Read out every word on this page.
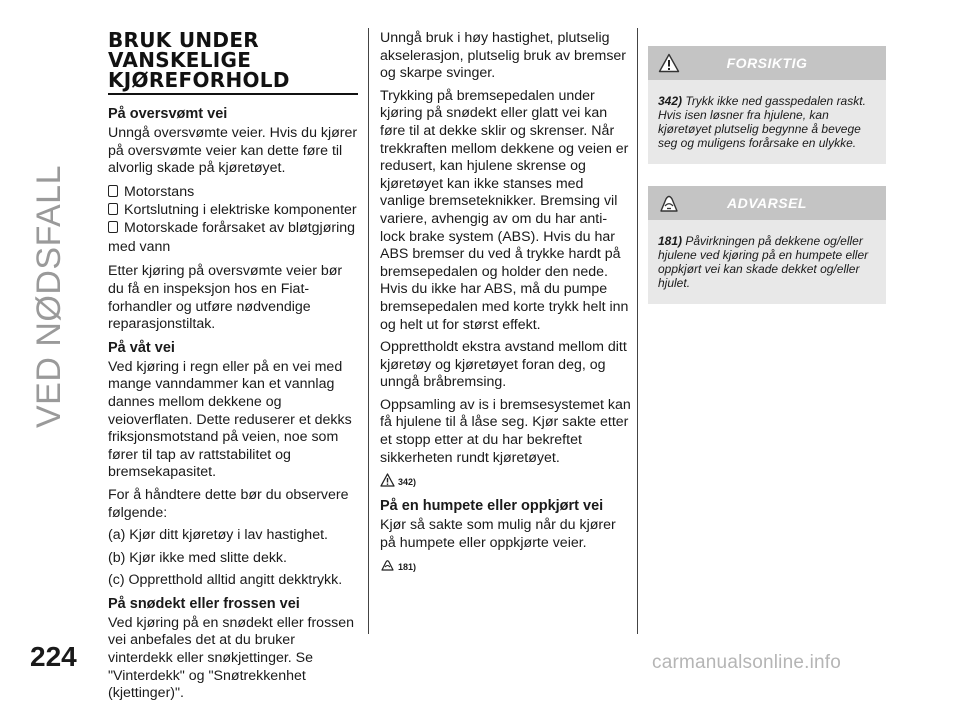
VED NØDSFALL
224
BRUK UNDER VANSKELIGE KJØREFORHOLD
På oversvømt vei

Unngå oversvømte veier. Hvis du kjører på oversvømte veier kan dette føre til alvorlig skade på kjøretøyet.

Motorstans
Kortslutning i elektriske komponenter
Motorskade forårsaket av bløtgjøring

med vann

Etter kjøring på oversvømte veier bør du få en inspeksjon hos en Fiat-forhandler og utføre nødvendige reparasjonstiltak.

På våt vei

Ved kjøring i regn eller på en vei med mange vanndammer kan et vannlag dannes mellom dekkene og veioverflaten. Dette reduserer et dekks friksjonsmotstand på veien, noe som fører til tap av rattstabilitet og bremsekapasitet.

For å håndtere dette bør du observere følgende:

(a) Kjør ditt kjøretøy i lav hastighet.

(b) Kjør ikke med slitte dekk.

(c) Oppretthold alltid angitt dekktrykk.

På snødekt eller frossen vei

Ved kjøring på en snødekt eller frossen vei anbefales det at du bruker vinterdekk eller snøkjettinger. Se "Vinterdekk" og "Snøtrekkenhet (kjettinger)".

Unngå bruk i høy hastighet, plutselig akselerasjon, plutselig bruk av bremser og skarpe svinger.

Trykking på bremsepedalen under kjøring på snødekt eller glatt vei kan føre til at dekke sklir og skrenser. Når trekkraften mellom dekkene og veien er redusert, kan hjulene skrense og kjøretøyet kan ikke stanses med vanlige bremseteknikker. Bremsing vil variere, avhengig av om du har anti-lock brake system (ABS). Hvis du har ABS bremser du ved å trykke hardt på bremsepedalen og holder den nede. Hvis du ikke har ABS, må du pumpe bremsepedalen med korte trykk helt inn og helt ut for størst effekt.

Opprettholdt ekstra avstand mellom ditt kjøretøy og kjøretøyet foran deg, og unngå bråbremsing.

Oppsamling av is i bremsesystemet kan få hjulene til å låse seg. Kjør sakte etter et stopp etter at du har bekreftet sikkerheten rundt kjøretøyet.

342)
På en humpete eller oppkjørt vei

Kjør så sakte som mulig når du kjører på humpete eller oppkjørte veier.

181)
FORSIKTIG
342) Trykk ikke ned gasspedalen raskt. Hvis isen løsner fra hjulene, kan kjøretøyet plutselig begynne å bevege seg og muligens forårsake en ulykke.
ADVARSEL
181) Påvirkningen på dekkene og/eller hjulene ved kjøring på en humpete eller oppkjørt vei kan skade dekket og/eller hjulet.
carmanualsonline.info
